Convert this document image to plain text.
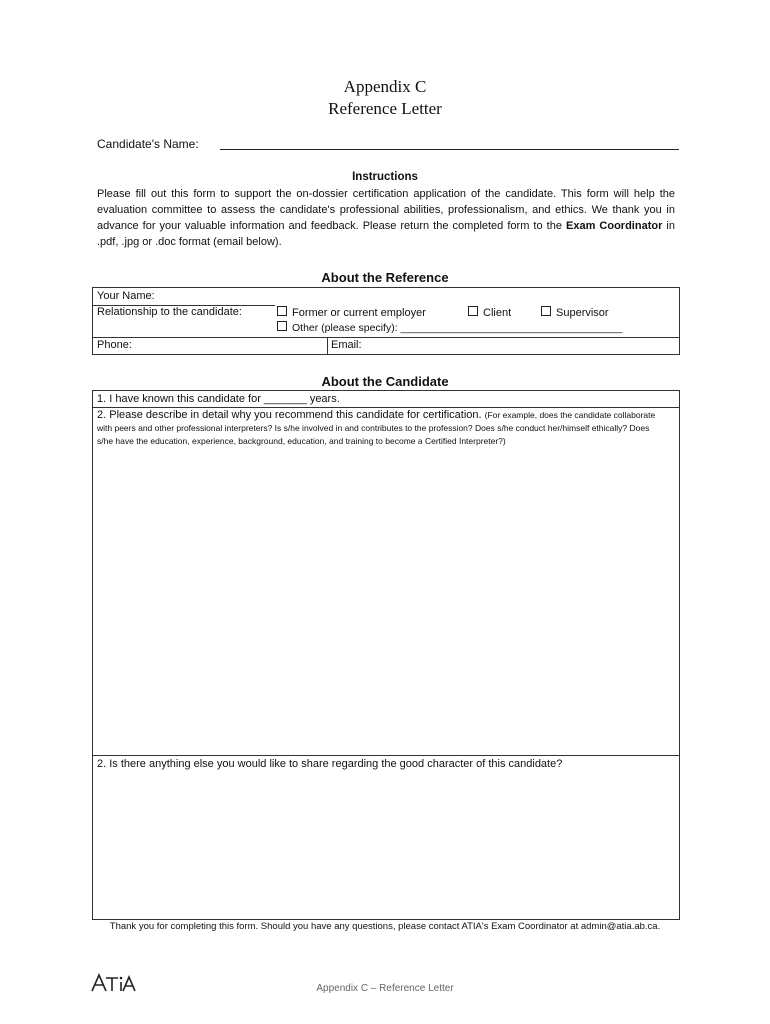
Appendix C
Reference Letter
Candidate's Name:
Instructions
Please fill out this form to support the on-dossier certification application of the candidate. This form will help the evaluation committee to assess the candidate's professional abilities, professionalism, and ethics. We thank you in advance for your valuable information and feedback. Please return the completed form to the Exam Coordinator in .pdf, .jpg or .doc format (email below).
About the Reference
Your Name:
Relationship to the candidate:	Former or current employer	Client	Supervisor
Other (please specify): ______________________________________
Phone:	Email:
About the Candidate
1. I have known this candidate for _______ years.
2. Please describe in detail why you recommend this candidate for certification. (For example, does the candidate collaborate with peers and other professional interpreters? Is s/he involved in and contributes to the profession? Does s/he conduct her/himself ethically? Does s/he have the education, experience, background, education, and training to become a Certified Interpreter?)
2. Is there anything else you would like to share regarding the good character of this candidate?
Thank you for completing this form. Should you have any questions, please contact ATIA's Exam Coordinator at admin@atia.ab.ca.
Appendix C – Reference Letter
